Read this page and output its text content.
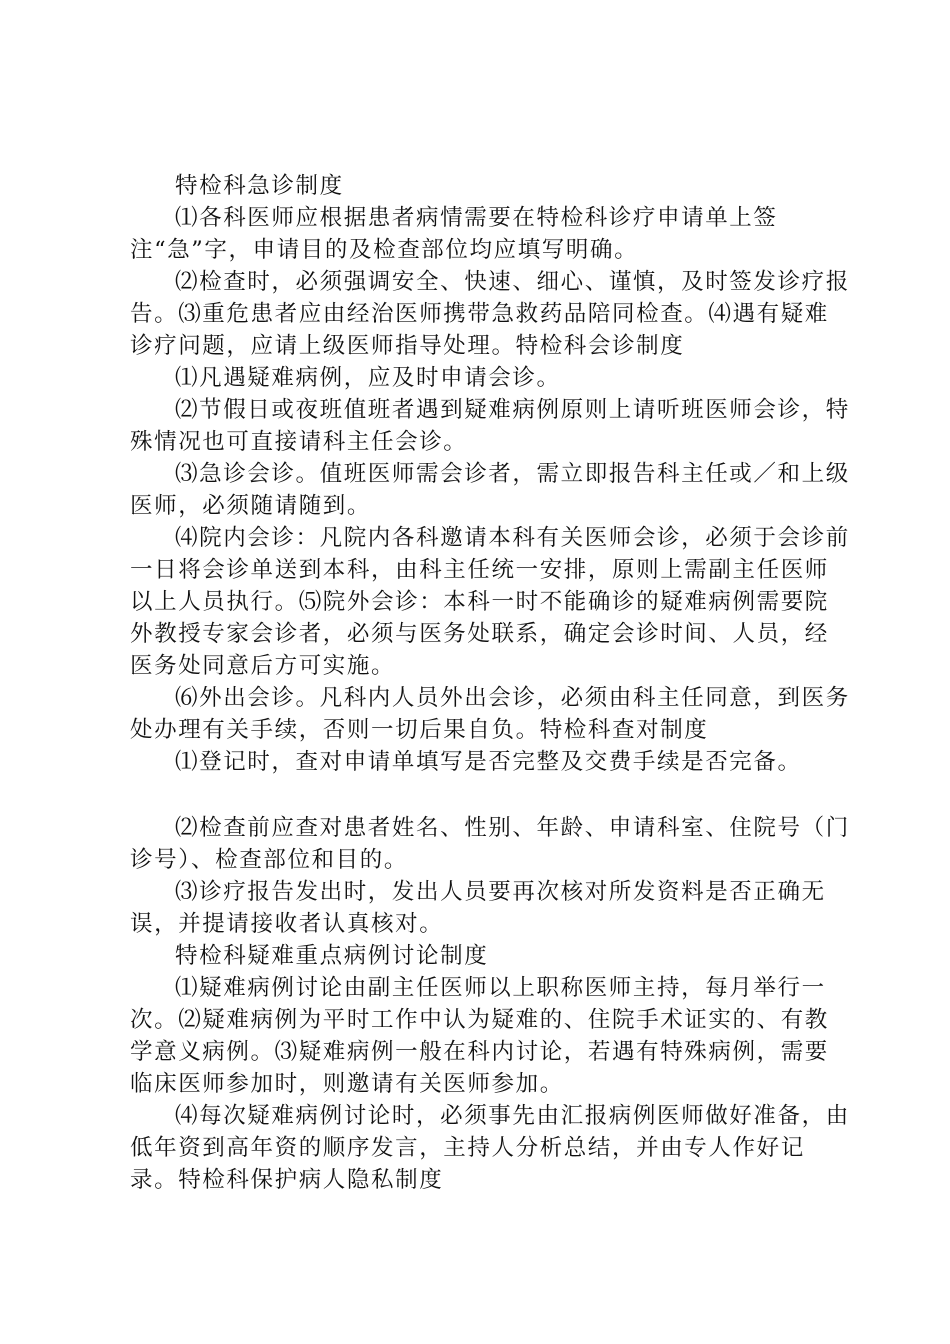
特检科急诊制度

⑴各科医师应根据患者病情需要在特检科诊疗申请单上签注“急”字，申请目的及检查部位均应填写明确。

⑵检查时，必须强调安全、快速、细心、谨慎，及时签发诊疗报告。⑶重危患者应由经治医师携带急救药品陪同检查。⑷遇有疑难诊疗问题，应请上级医师指导处理。特检科会诊制度

⑴凡遇疑难病例，应及时申请会诊。

⑵节假日或夜班值班者遇到疑难病例原则上请听班医师会诊，特殊情况也可直接请科主任会诊。

⑶急诊会诊。值班医师需会诊者，需立即报告科主任或／和上级医师，必须随请随到。

⑷院内会诊：凡院内各科邀请本科有关医师会诊，必须于会诊前一日将会诊单送到本科，由科主任统一安排，原则上需副主任医师以上人员执行。⑸院外会诊：本科一时不能确诊的疑难病例需要院外教授专家会诊者，必须与医务处联系，确定会诊时间、人员，经医务处同意后方可实施。

⑹外出会诊。凡科内人员外出会诊，必须由科主任同意，到医务处办理有关手续，否则一切后果自负。特检科查对制度

⑴登记时，查对申请单填写是否完整及交费手续是否完备。

⑵检查前应查对患者姓名、性别、年龄、申请科室、住院号（门诊号）、检查部位和目的。

⑶诊疗报告发出时，发出人员要再次核对所发资料是否正确无误，并提请接收者认真核对。

特检科疑难重点病例讨论制度

⑴疑难病例讨论由副主任医师以上职称医师主持，每月举行一次。⑵疑难病例为平时工作中认为疑难的、住院手术证实的、有教学意义病例。⑶疑难病例一般在科内讨论，若遇有特殊病例，需要临床医师参加时，则邀请有关医师参加。

⑷每次疑难病例讨论时，必须事先由汇报病例医师做好准备，由低年资到高年资的顺序发言，主持人分析总结，并由专人作好记录。特检科保护病人隐私制度
